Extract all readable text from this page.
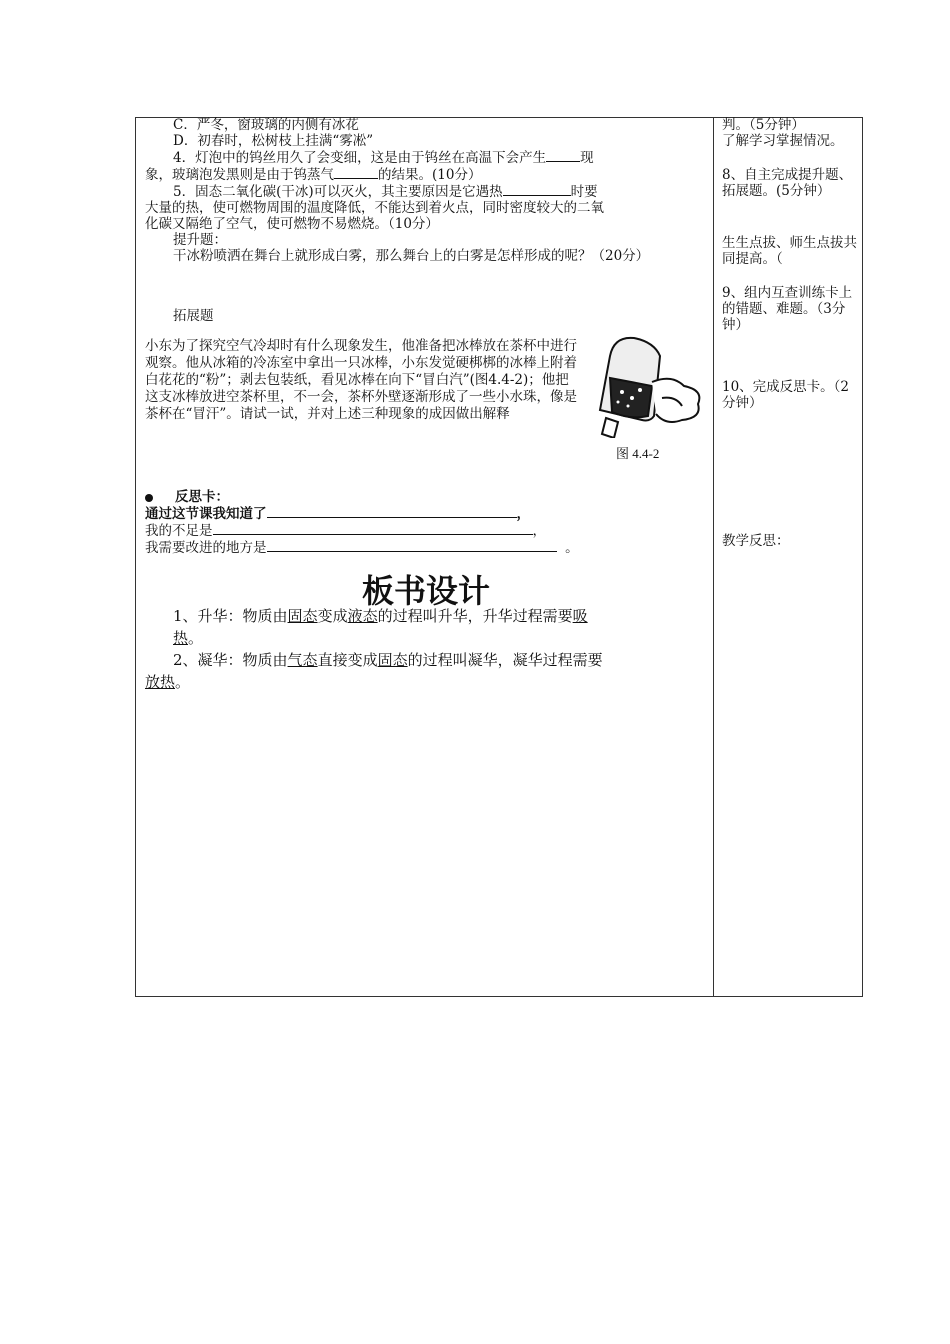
C．严冬，窗玻璃的内侧有冰花

D．初春时，松树枝上挂满“雾凇”

4．灯泡中的钨丝用久了会变细，这是由于钨丝在高温下会产生	现

象，玻璃泡发黑则是由于钨蒸气	的结果。(10分）

5．固态二氧化碳(干冰)可以灭火，其主要原因是它遇热	时要

大量的热，使可燃物周围的温度降低，不能达到着火点，同时密度较大的二氧

化碳又隔绝了空气，使可燃物不易燃烧。（10分）

提升题：

干冰粉喷洒在舞台上就形成白雾，那么舞台上的白雾是怎样形成的呢？（20分）

拓展题

小东为了探究空气冷却时有什么现象发生，他准备把冰棒放在茶杯中进行观察。他从冰箱的冷冻室中拿出一只冰棒，小东发觉硬梆梆的冰棒上附着白花花的“粉”；剥去包装纸，看见冰棒在向下“冒白汽”(图4.4-2)；他把这支冰棒放进空茶杯里，不一会，茶杯外壁逐渐形成了一些小水珠，像是茶杯在“冒汗”。请试一试，并对上述三种现象的成因做出解释
图 4.4-2

反思卡：

通过这节课我知道了	，

我的不足是	，

我需要改进的地方是	。

板书设计

1、升华：物质由固态变成液态的过程叫升华，升华过程需要吸

热。

2、凝华：物质由气态直接变成固态的过程叫凝华，凝华过程需要

放热。

判。（5分钟）

了解学习掌握情况。

8、自主完成提升题、拓展题。(5分钟）

生生点拔、师生点拔共同提高。（

9、组内互查训练卡上的错题、难题。（3分钟）

10、完成反思卡。（2分钟）

教学反思：
